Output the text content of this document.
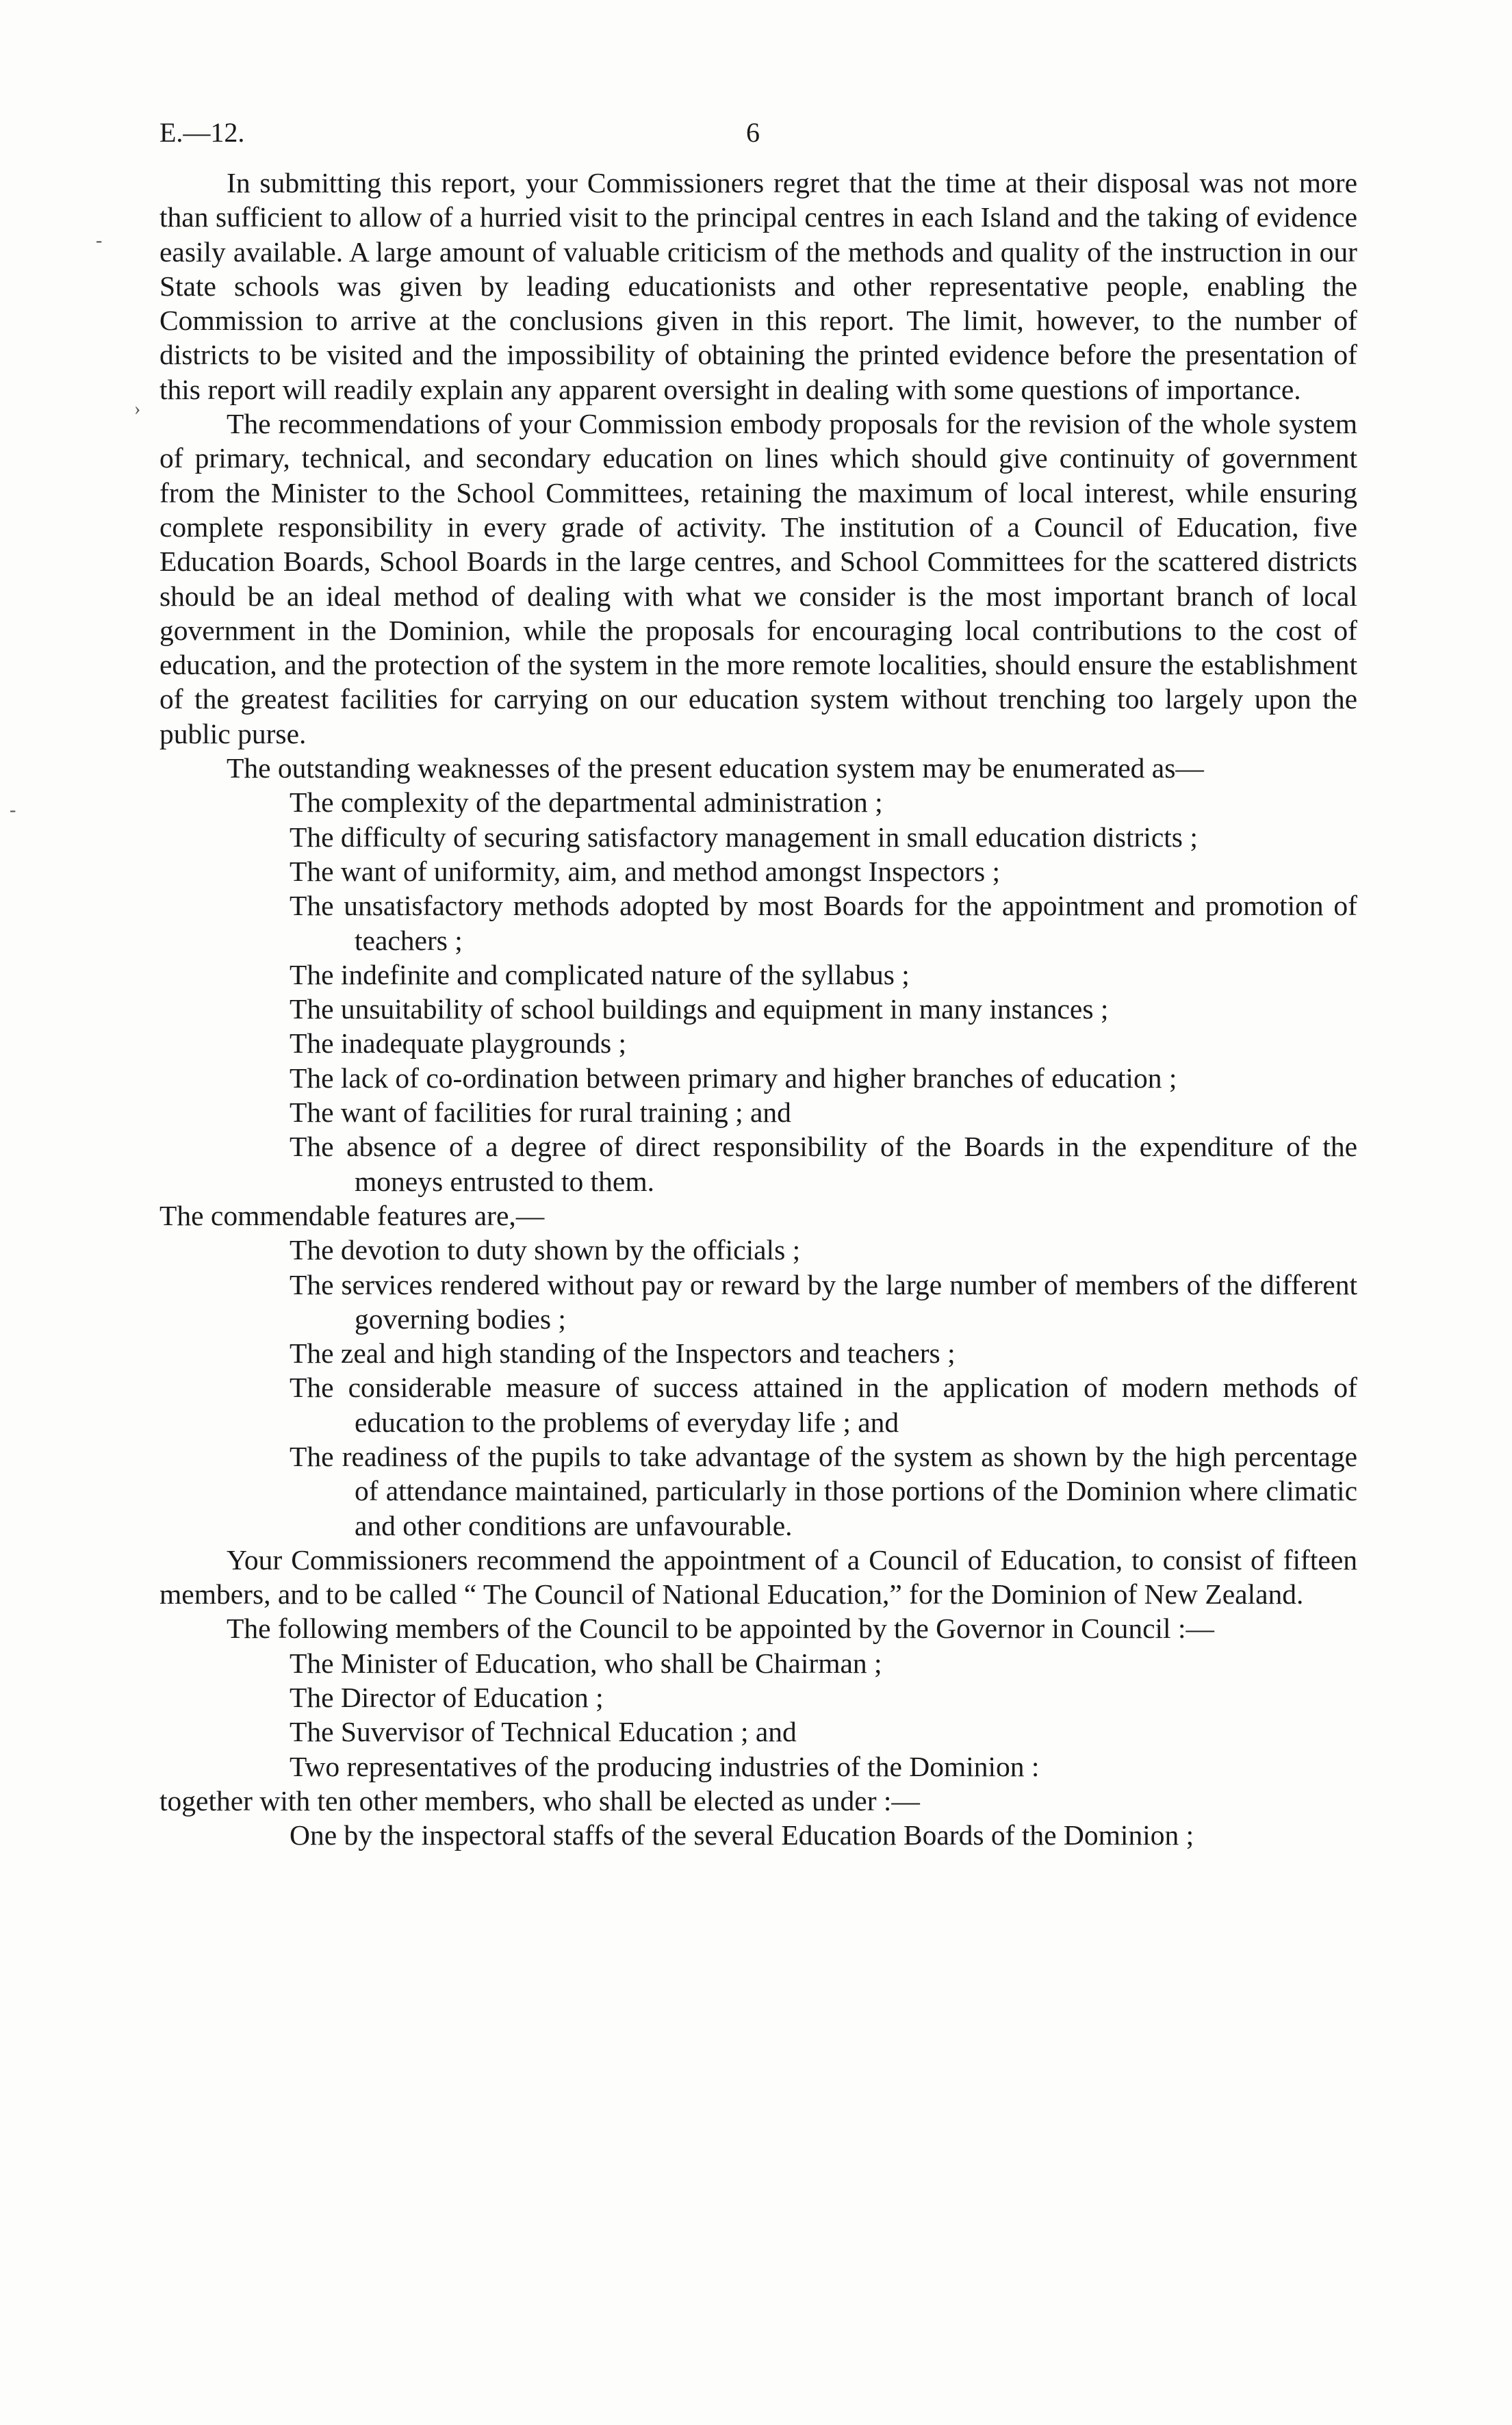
-
›
-
E.—12.	6

In submitting this report, your Commissioners regret that the time at their disposal was not more than sufficient to allow of a hurried visit to the principal centres in each Island and the taking of evidence easily available. A large amount of valuable criticism of the methods and quality of the instruction in our State schools was given by leading educationists and other representative people, enabling the Commission to arrive at the conclusions given in this report. The limit, however, to the number of districts to be visited and the impossibility of obtaining the printed evidence before the presentation of this report will readily explain any apparent oversight in dealing with some questions of importance.

The recommendations of your Commission embody proposals for the revision of the whole system of primary, technical, and secondary education on lines which should give continuity of government from the Minister to the School Committees, retaining the maximum of local interest, while ensuring complete responsibility in every grade of activity. The institution of a Council of Education, five Education Boards, School Boards in the large centres, and School Committees for the scattered districts should be an ideal method of dealing with what we consider is the most important branch of local government in the Dominion, while the proposals for encouraging local contributions to the cost of education, and the protection of the system in the more remote localities, should ensure the establishment of the greatest facilities for carrying on our education system without trenching too largely upon the public purse.

The outstanding weaknesses of the present education system may be enumerated as—

The complexity of the departmental administration ;
The difficulty of securing satisfactory management in small education districts ;
The want of uniformity, aim, and method amongst Inspectors ;
The unsatisfactory methods adopted by most Boards for the appointment and promotion of teachers ;
The indefinite and complicated nature of the syllabus ;
The unsuitability of school buildings and equipment in many instances ;
The inadequate playgrounds ;
The lack of co-ordination between primary and higher branches of education ;
The want of facilities for rural training ; and
The absence of a degree of direct responsibility of the Boards in the expenditure of the moneys entrusted to them.

The commendable features are,—

The devotion to duty shown by the officials ;
The services rendered without pay or reward by the large number of members of the different governing bodies ;
The zeal and high standing of the Inspectors and teachers ;
The considerable measure of success attained in the application of modern methods of education to the problems of everyday life ; and
The readiness of the pupils to take advantage of the system as shown by the high percentage of attendance maintained, particularly in those portions of the Dominion where climatic and other conditions are unfavourable.

Your Commissioners recommend the appointment of a Council of Education, to consist of fifteen members, and to be called “ The Council of National Education,” for the Dominion of New Zealand.

The following members of the Council to be appointed by the Governor in Council :—

The Minister of Education, who shall be Chairman ;
The Director of Education ;
The Suvervisor of Technical Education ; and
Two representatives of the producing industries of the Dominion :

together with ten other members, who shall be elected as under :—

One by the inspectoral staffs of the several Education Boards of the Dominion ;
